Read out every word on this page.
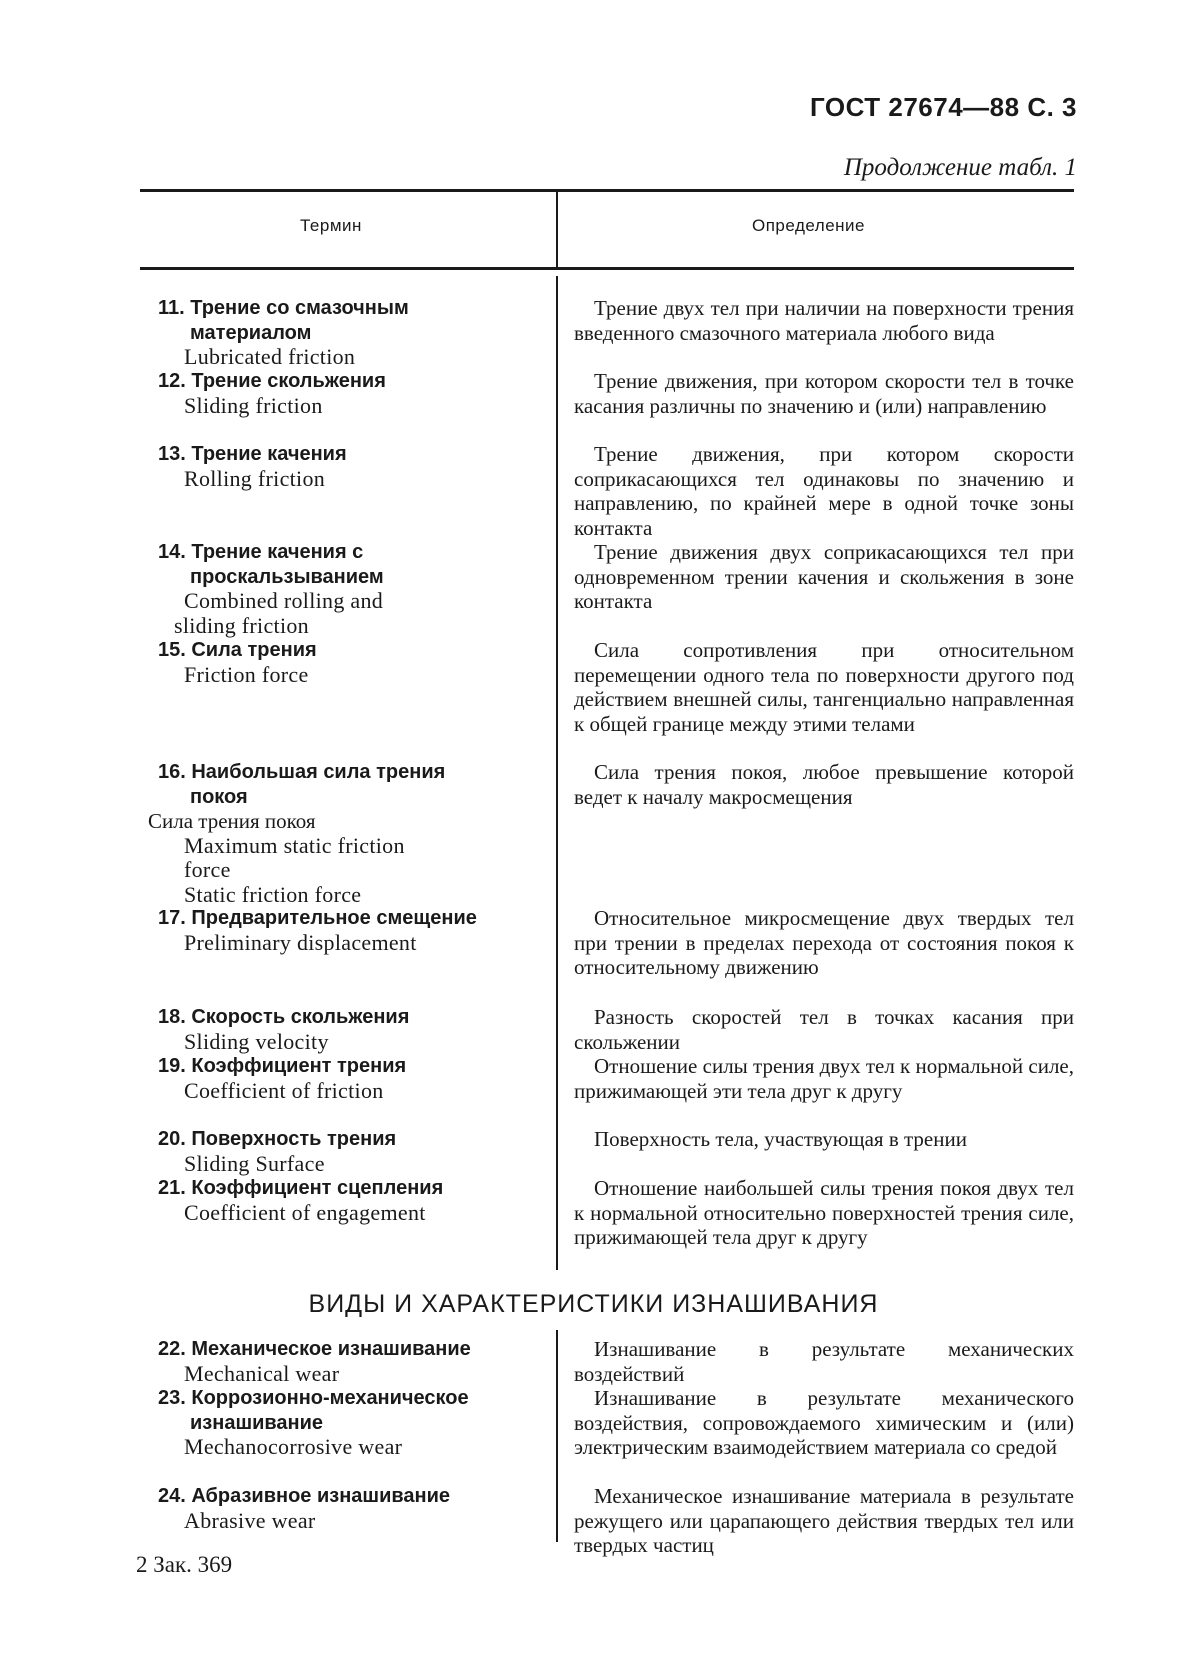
ГОСТ 27674—88 С. 3
Продолжение табл. 1
Термин	Определение
11. Трение со смазочным
материалом
Lubricated friction
Трение двух тел при наличии на поверхности трения введенного смазочного материала любого вида
12. Трение скольжения
Sliding friction
Трение движения, при котором скорости тел в точке касания различны по значению и (или) направлению
13. Трение качения
Rolling friction
Трение движения, при котором скорости соприкасающихся тел одинаковы по значению и направлению, по крайней мере в одной точке зоны контакта
14. Трение качения с
проскальзыванием
Combined rolling and
sliding friction
Трение движения двух соприкасающихся тел при одновременном трении качения и скольжения в зоне контакта
15. Сила трения
Friction force
Сила сопротивления при относительном перемещении одного тела по поверхности другого под действием внешней силы, тангенциально направленная к общей границе между этими телами
16. Наибольшая сила трения
покоя
Сила трения покоя
Maximum static friction
force
Static friction force
Сила трения покоя, любое превышение которой ведет к началу макросмещения
17. Предварительное смещение
Preliminary displacement
Относительное микросмещение двух твердых тел при трении в пределах перехода от состояния покоя к относительному движению
18. Скорость скольжения
Sliding velocity
Разность скоростей тел в точках касания при скольжении
19. Коэффициент трения
Coefficient of friction
Отношение силы трения двух тел к нормальной силе, прижимающей эти тела друг к другу
20. Поверхность трения
Sliding Surface
Поверхность тела, участвующая в трении
21. Коэффициент сцепления
Coefficient of engagement
Отношение наибольшей силы трения покоя двух тел к нормальной относительно поверхностей трения силе, прижимающей тела друг к другу
ВИДЫ И ХАРАКТЕРИСТИКИ ИЗНАШИВАНИЯ
22. Механическое изнашивание
Mechanical wear
Изнашивание в результате механических воздействий
23. Коррозионно-механическое
изнашивание
Mechanocorrosive wear
Изнашивание в результате механического воздействия, сопровождаемого химическим и (или) электрическим взаимодействием материала со средой
24. Абразивное изнашивание
Abrasive wear
Механическое изнашивание материала в результате режущего или царапающего действия твердых тел или твердых частиц
2 Зак. 369
